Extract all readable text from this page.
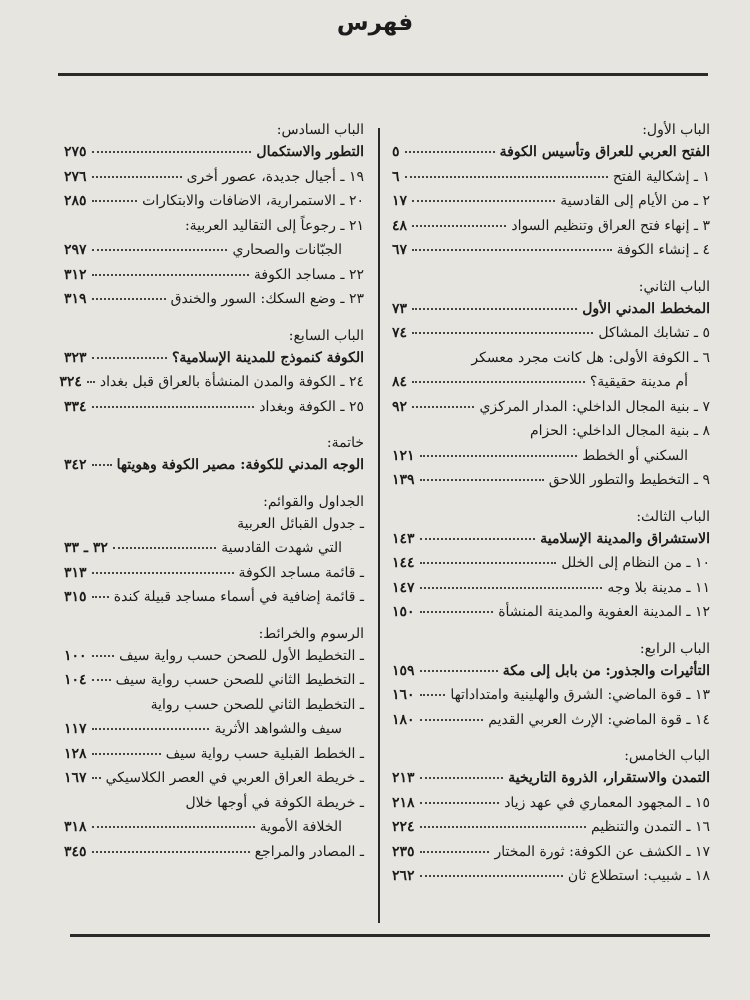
فهرس
الباب الأول:
الفتح العربي للعراق وتأسيس الكوفة
٥
١ ـ إشكالية الفتح
٦
٢ ـ من الأيام إلى القادسية
١٧
٣ ـ إنهاء فتح العراق وتنظيم السواد
٤٨
٤ ـ إنشاء الكوفة
٦٧
الباب الثاني:
المخطط المدني الأول
٧٣
٥ ـ تشابك المشاكل
٧٤
٦ ـ الكوفة الأولى: هل كانت مجرد معسكر
أم مدينة حقيقية؟
٨٤
٧ ـ بنية المجال الداخلي: المدار المركزي
٩٢
٨ ـ بنية المجال الداخلي: الحزام
السكني أو الخطط
١٢١
٩ ـ التخطيط والتطور اللاحق
١٣٩
الباب الثالث:
الاستشراق والمدينة الإسلامية
١٤٣
١٠ ـ من النظام إلى الخلل
١٤٤
١١ ـ مدينة بلا وجه
١٤٧
١٢ ـ المدينة العفوية والمدينة المنشأة
١٥٠
الباب الرابع:
التأثيرات والجذور: من بابل إلى مكة
١٥٩
١٣ ـ قوة الماضي: الشرق والهلينية وامتداداتها
١٦٠
١٤ ـ قوة الماضي: الإرث العربي القديم
١٨٠
الباب الخامس:
التمدن والاستقرار، الذروة التاريخية
٢١٣
١٥ ـ المجهود المعماري في عهد زياد
٢١٨
١٦ ـ التمدن والتنظيم
٢٢٤
١٧ ـ الكشف عن الكوفة: ثورة المختار
٢٣٥
١٨ ـ شبيب: استطلاع ثان
٢٦٢
الباب السادس:
التطور والاستكمال
٢٧٥
١٩ ـ أجيال جديدة، عصور أخرى
٢٧٦
٢٠ ـ الاستمرارية، الاضافات والابتكارات
٢٨٥
٢١ ـ رجوعاً إلى التقاليد العربية:
الجبّانات والصحاري
٢٩٧
٢٢ ـ مساجد الكوفة
٣١٢
٢٣ ـ وضع السكك: السور والخندق
٣١٩
الباب السابع:
الكوفة كنموذج للمدينة الإسلامية؟
٣٢٣
٢٤ ـ الكوفة والمدن المنشأة بالعراق قبل بغداد
٣٢٤
٢٥ ـ الكوفة وبغداد
٣٣٤
خاتمة:
الوجه المدني للكوفة: مصير الكوفة وهويتها
٣٤٢
الجداول والقوائم:
ـ جدول القبائل العربية
التي شهدت القادسية
٣٢ ـ ٣٣
ـ قائمة مساجد الكوفة
٣١٣
ـ قائمة إضافية في أسماء مساجد قبيلة كندة
٣١٥
الرسوم والخرائط:
ـ التخطيط الأول للصحن حسب رواية سيف
١٠٠
ـ التخطيط الثاني للصحن حسب رواية سيف
١٠٤
ـ التخطيط الثاني للصحن حسب رواية
سيف والشواهد الأثرية
١١٧
ـ الخطط القبلية حسب رواية سيف
١٢٨
ـ خريطة العراق العربي في العصر الكلاسيكي
١٦٧
ـ خريطة الكوفة في أوجها خلال
الخلافة الأموية
٣١٨
ـ المصادر والمراجع
٣٤٥
